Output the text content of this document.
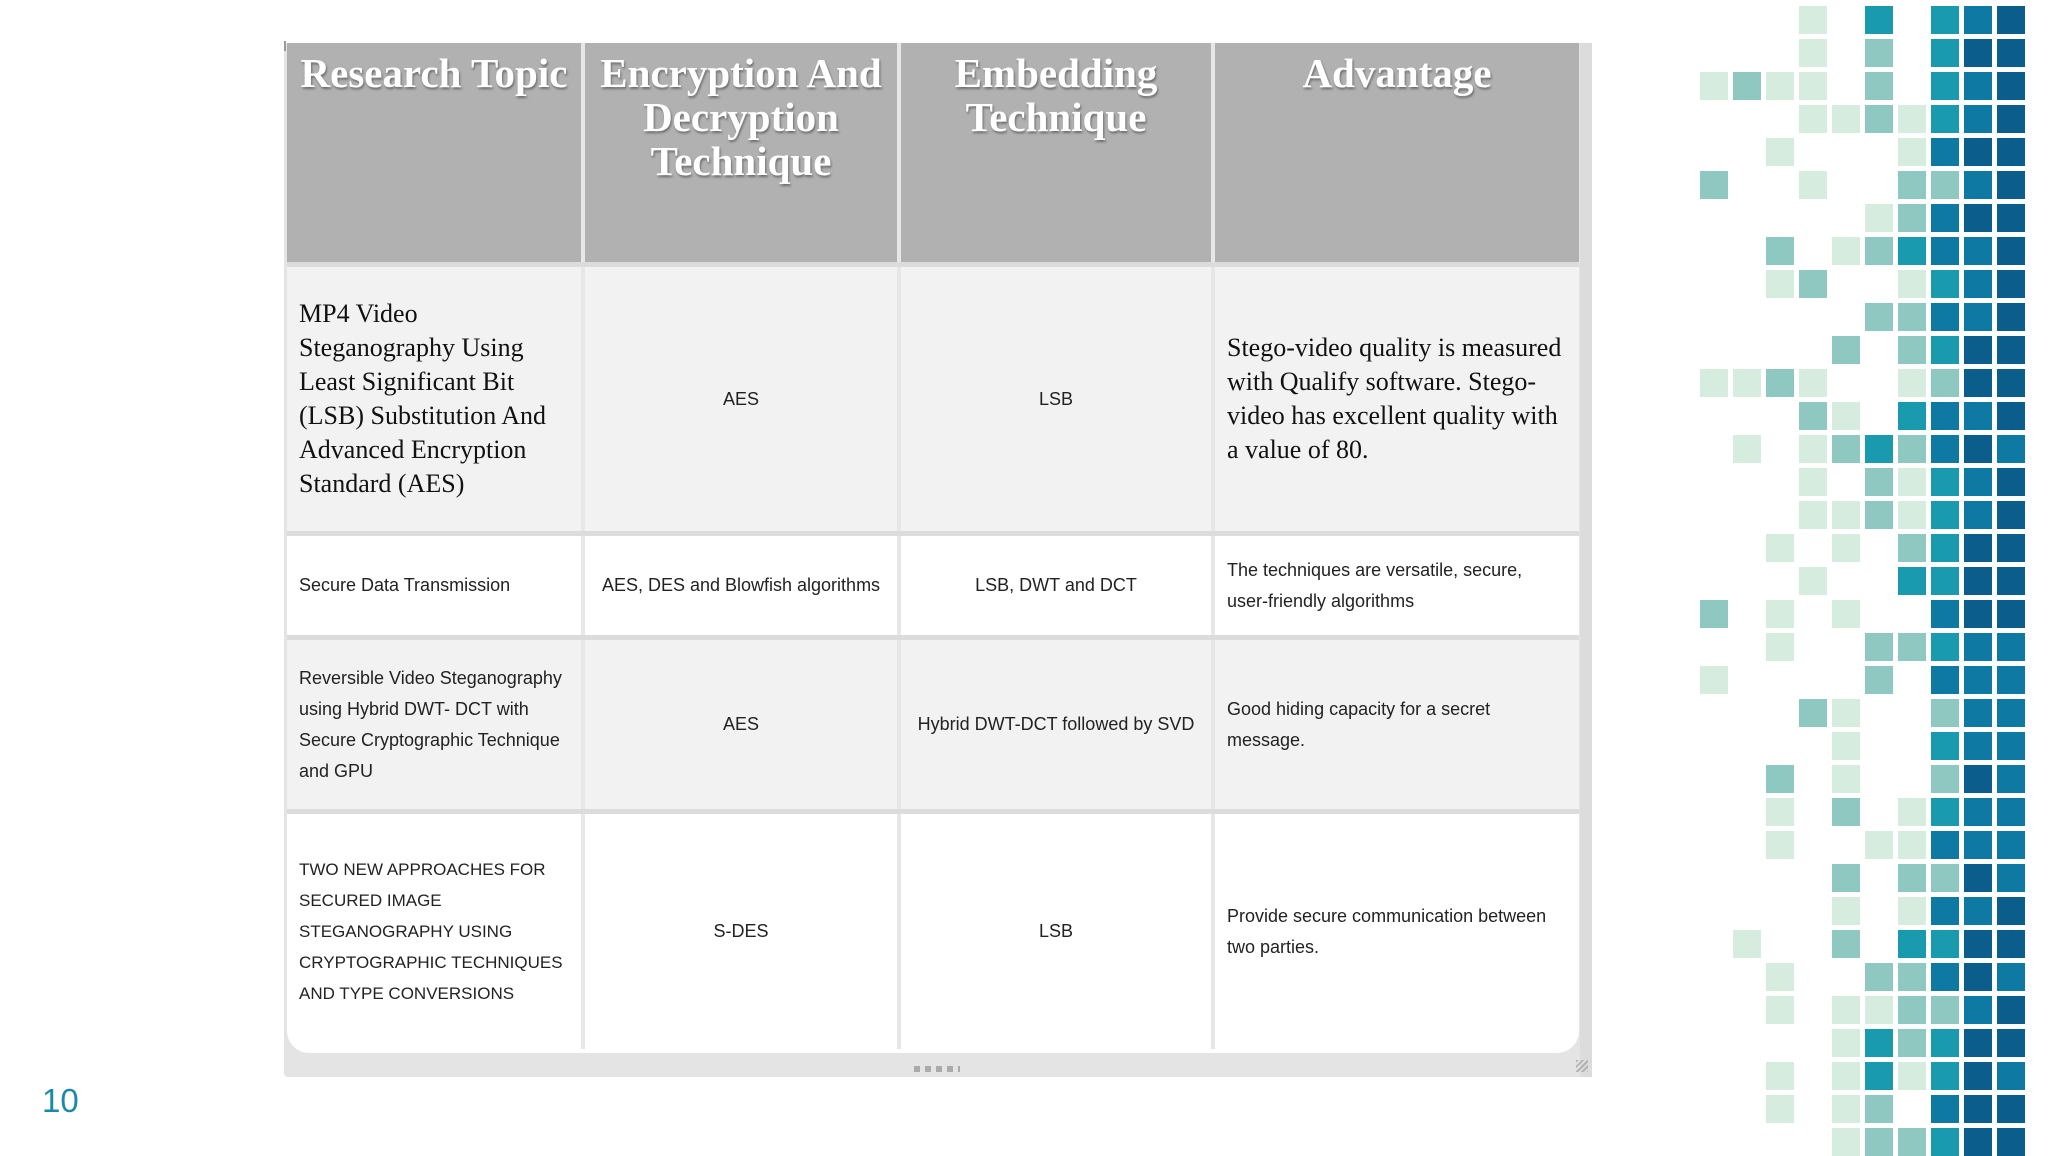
Research Topic	Encryption And Decryption Technique	Embedding Technique	Advantage
MP4 Video Steganography Using Least Significant Bit (LSB) Substitution And Advanced Encryption Standard (AES)	AES	LSB	Stego-video quality is measured with Qualify software. Stego-video has excellent quality with a value of 80.
Secure Data Transmission	AES, DES and Blowfish algorithms	LSB, DWT and DCT	The techniques are versatile, secure, user-friendly algorithms
Reversible Video Steganography using Hybrid DWT- DCT with Secure Cryptographic Technique and GPU	AES	Hybrid DWT-DCT followed by SVD	Good hiding capacity for a secret message.
TWO NEW APPROACHES FOR SECURED IMAGE STEGANOGRAPHY USING CRYPTOGRAPHIC TECHNIQUES AND TYPE CONVERSIONS	S-DES	LSB	Provide secure communication between two parties.
10
